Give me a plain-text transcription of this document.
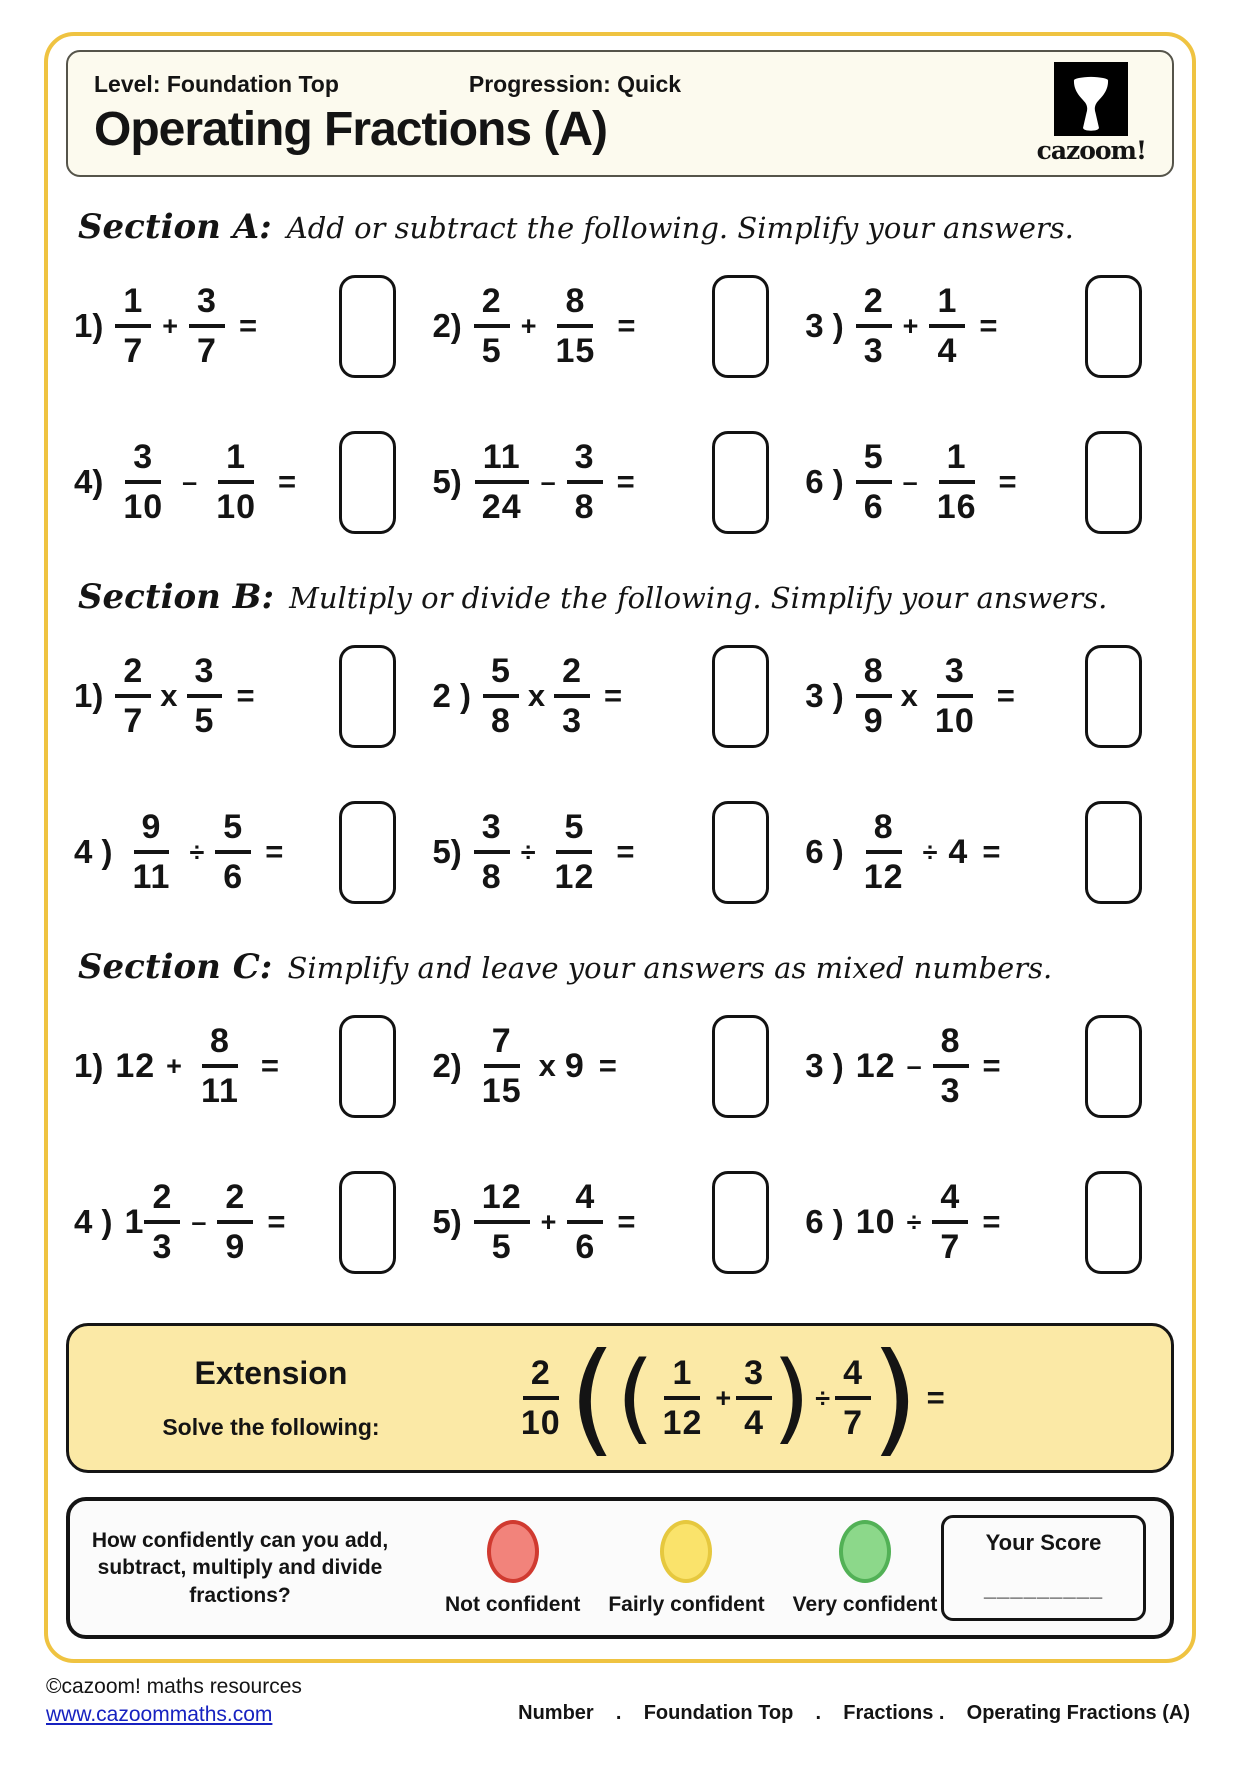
Level: Foundation Top	Progression: Quick
Operating Fractions (A)	cazoom!
Section A: Add or subtract the following. Simplify your answers.
$1) \frac{1}{7} + \frac{3}{7}$ =	$2) \frac{2}{5} + \frac{8}{15}$ =	3 ) $\frac{2}{3} + \frac{1}{4}$ =
$4) \frac{3}{10} - \frac{1}{10}$ =	$5) \frac{11}{24} - \frac{3}{8}$ =	6 ) $\frac{5}{6} - \frac{1}{16}$ =
Section B: Multiply or divide the following. Simplify your answers.
$1) \frac{2}{7}$ x $\frac{3}{5}$ =	2 ) $\frac{5}{8}$ x $\frac{2}{3}$ =	3 ) $\frac{8}{9}$ x $\frac{3}{10}$ =
4 ) $\frac{9}{11} \div \frac{5}{6}$ =	$5) \frac{3}{8} \div \frac{5}{12}$ =	6 ) $\frac{8}{12} \div 4$ =
Section C: Simplify and leave your answers as mixed numbers.
1) $12 + \frac{8}{11}$ =	$2) \frac{7}{15}$ x 9 =	3 ) $12 - \frac{8}{3}$ =
4 ) $1 \frac{2}{3} - \frac{2}{9}$ =	$5) \frac{12}{5} + \frac{4}{6}$ =	6 ) $10 \div \frac{4}{7}$ =
Extension
Solve the following:	$\frac{2}{10}$ ( ( $\frac{1}{12} + \frac{3}{4}$ ) ÷ $\frac{4}{7}$ ) =
How confidently can you add, subtract, multiply and divide fractions?	Not confident Fairly confident Very confident
Your Score
_________
©cazoom! maths resources
www.cazoommaths.com	Number    .    Foundation Top    .    Fractions .    Operating Fractions (A)
